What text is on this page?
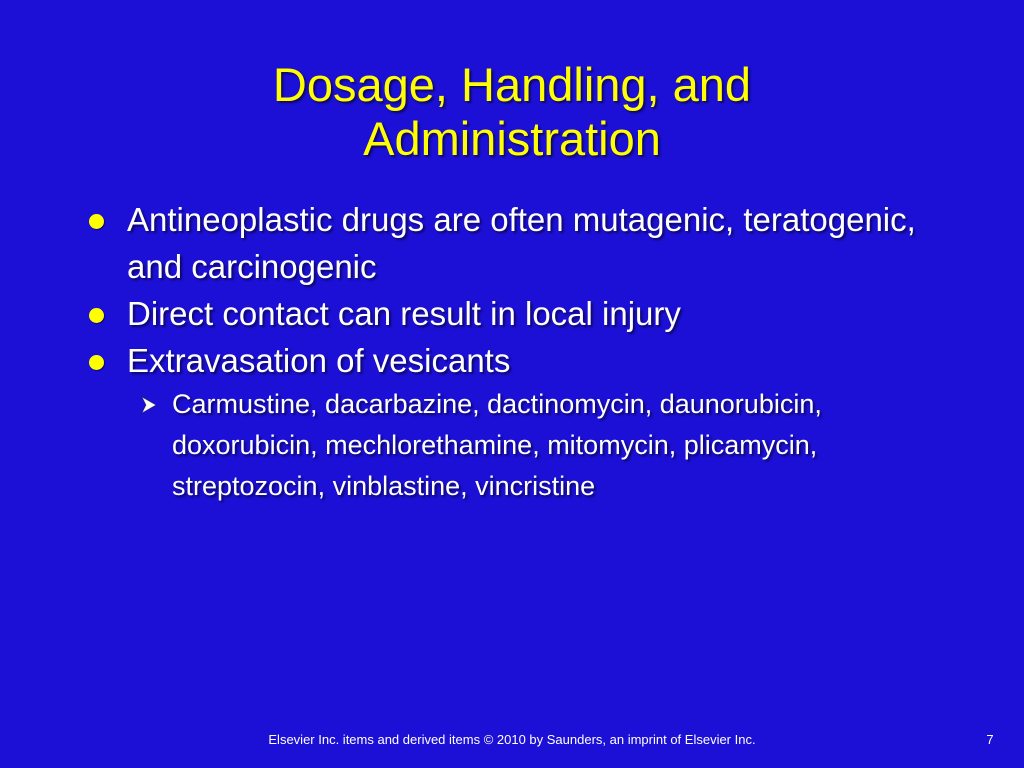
Dosage, Handling, and
Administration
Antineoplastic drugs are often mutagenic, teratogenic, and carcinogenic
Direct contact can result in local injury
Extravasation of vesicants
Carmustine, dacarbazine, dactinomycin, daunorubicin, doxorubicin, mechlorethamine, mitomycin, plicamycin, streptozocin, vinblastine, vincristine
Elsevier Inc. items and derived items © 2010 by Saunders, an imprint of Elsevier Inc.	7
